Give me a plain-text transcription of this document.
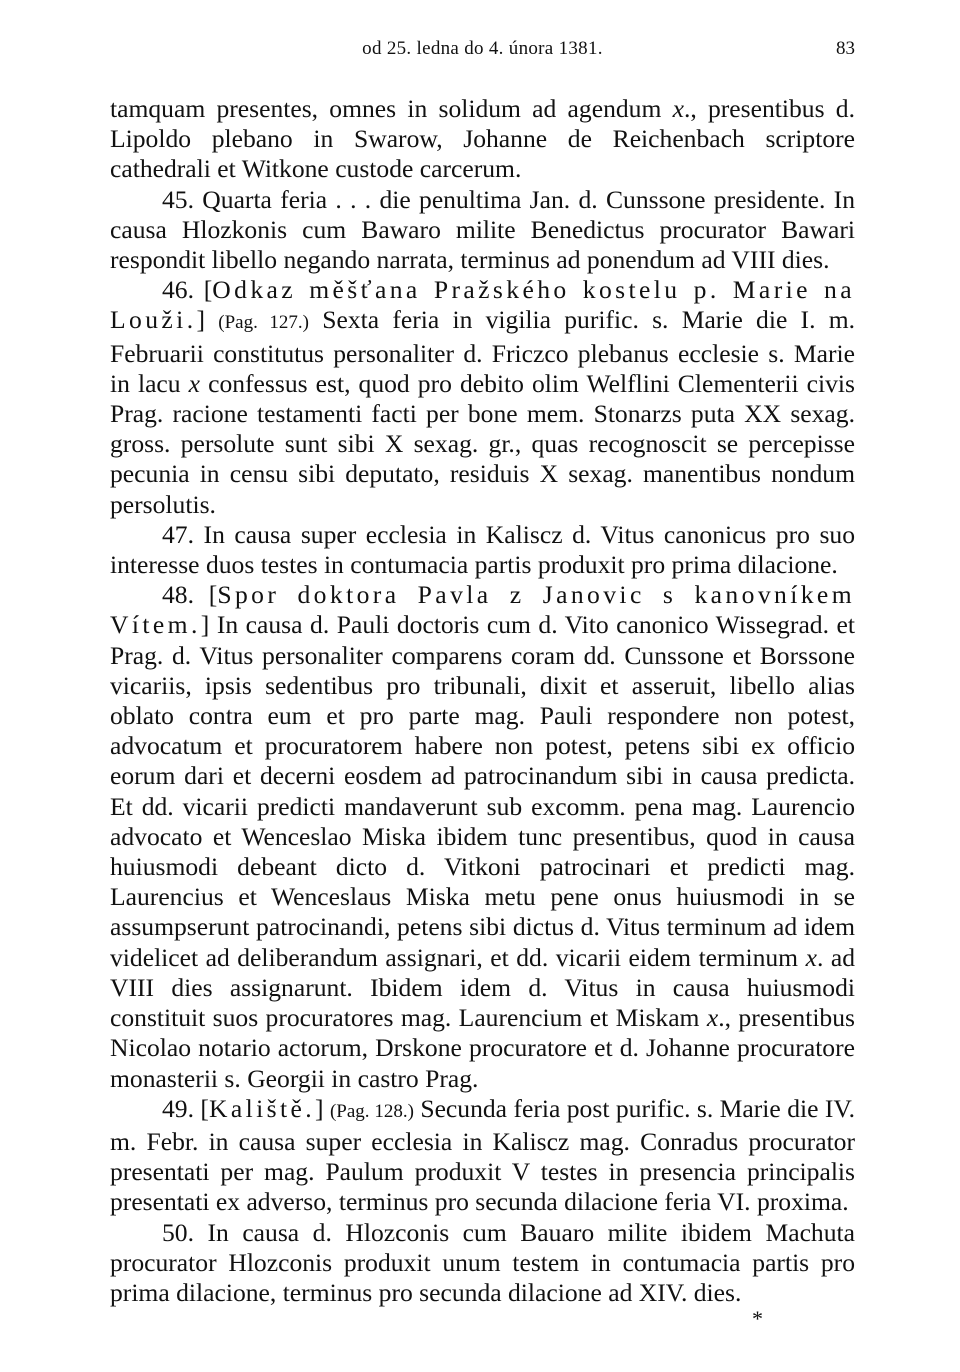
od 25. ledna do 4. února 1381.	83

tamquam presentes, omnes in solidum ad agendum x., presentibus d. Lipoldo plebano in Swarow, Johanne de Reichenbach scriptore cathedrali et Witkone custode carcerum.

45. Quarta feria . . . die penultima Jan. d. Cunssone presidente. In causa Hlozkonis cum Bawaro milite Benedictus procurator Bawari respondit libello negando narrata, terminus ad ponendum ad VIII dies.

46. [Odkaz měšťana Pražského kostelu p. Marie na Louži.] (Pag. 127.) Sexta feria in vigilia purific. s. Marie die I. m. Februarii constitutus personaliter d. Friczco plebanus ecclesie s. Marie in lacu x confessus est, quod pro debito olim Welflini Clementerii civis Prag. racione testamenti facti per bone mem. Stonarzs puta XX sexag. gross. persolute sunt sibi X sexag. gr., quas recognoscit se percepisse pecunia in censu sibi deputato, residuis X sexag. manentibus nondum persolutis.

47. In causa super ecclesia in Kaliscz d. Vitus canonicus pro suo interesse duos testes in contumacia partis produxit pro prima dilacione.

48. [Spor doktora Pavla z Janovic s kanovníkem Vítem.] In causa d. Pauli doctoris cum d. Vito canonico Wissegrad. et Prag. d. Vitus personaliter comparens coram dd. Cunssone et Borssone vicariis, ipsis sedentibus pro tribunali, dixit et asseruit, libello alias oblato contra eum et pro parte mag. Pauli respondere non potest, advocatum et procuratorem habere non potest, petens sibi ex officio eorum dari et decerni eosdem ad patrocinandum sibi in causa predicta. Et dd. vicarii predicti mandaverunt sub excomm. pena mag. Laurencio advocato et Wenceslao Miska ibidem tunc presentibus, quod in causa huiusmodi debeant dicto d. Vitkoni patrocinari et predicti mag. Laurencius et Wenceslaus Miska metu pene onus huiusmodi in se assumpserunt patrocinandi, petens sibi dictus d. Vitus terminum ad idem videlicet ad deliberandum assignari, et dd. vicarii eidem terminum x. ad VIII dies assignarunt. Ibidem idem d. Vitus in causa huiusmodi constituit suos procuratores mag. Laurencium et Miskam x., presentibus Nicolao notario actorum, Drskone procuratore et d. Johanne procuratore monasterii s. Georgii in castro Prag.

49. [Kaliště.] (Pag. 128.) Secunda feria post purific. s. Marie die IV. m. Febr. in causa super ecclesia in Kaliscz mag. Conradus procurator presentati per mag. Paulum produxit V testes in presencia principalis presentati ex adverso, terminus pro secunda dilacione feria VI. proxima.

50. In causa d. Hlozconis cum Bauaro milite ibidem Machuta procurator Hlozconis produxit unum testem in contumacia partis pro prima dilacione, terminus pro secunda dilacione ad XIV. dies.

*
